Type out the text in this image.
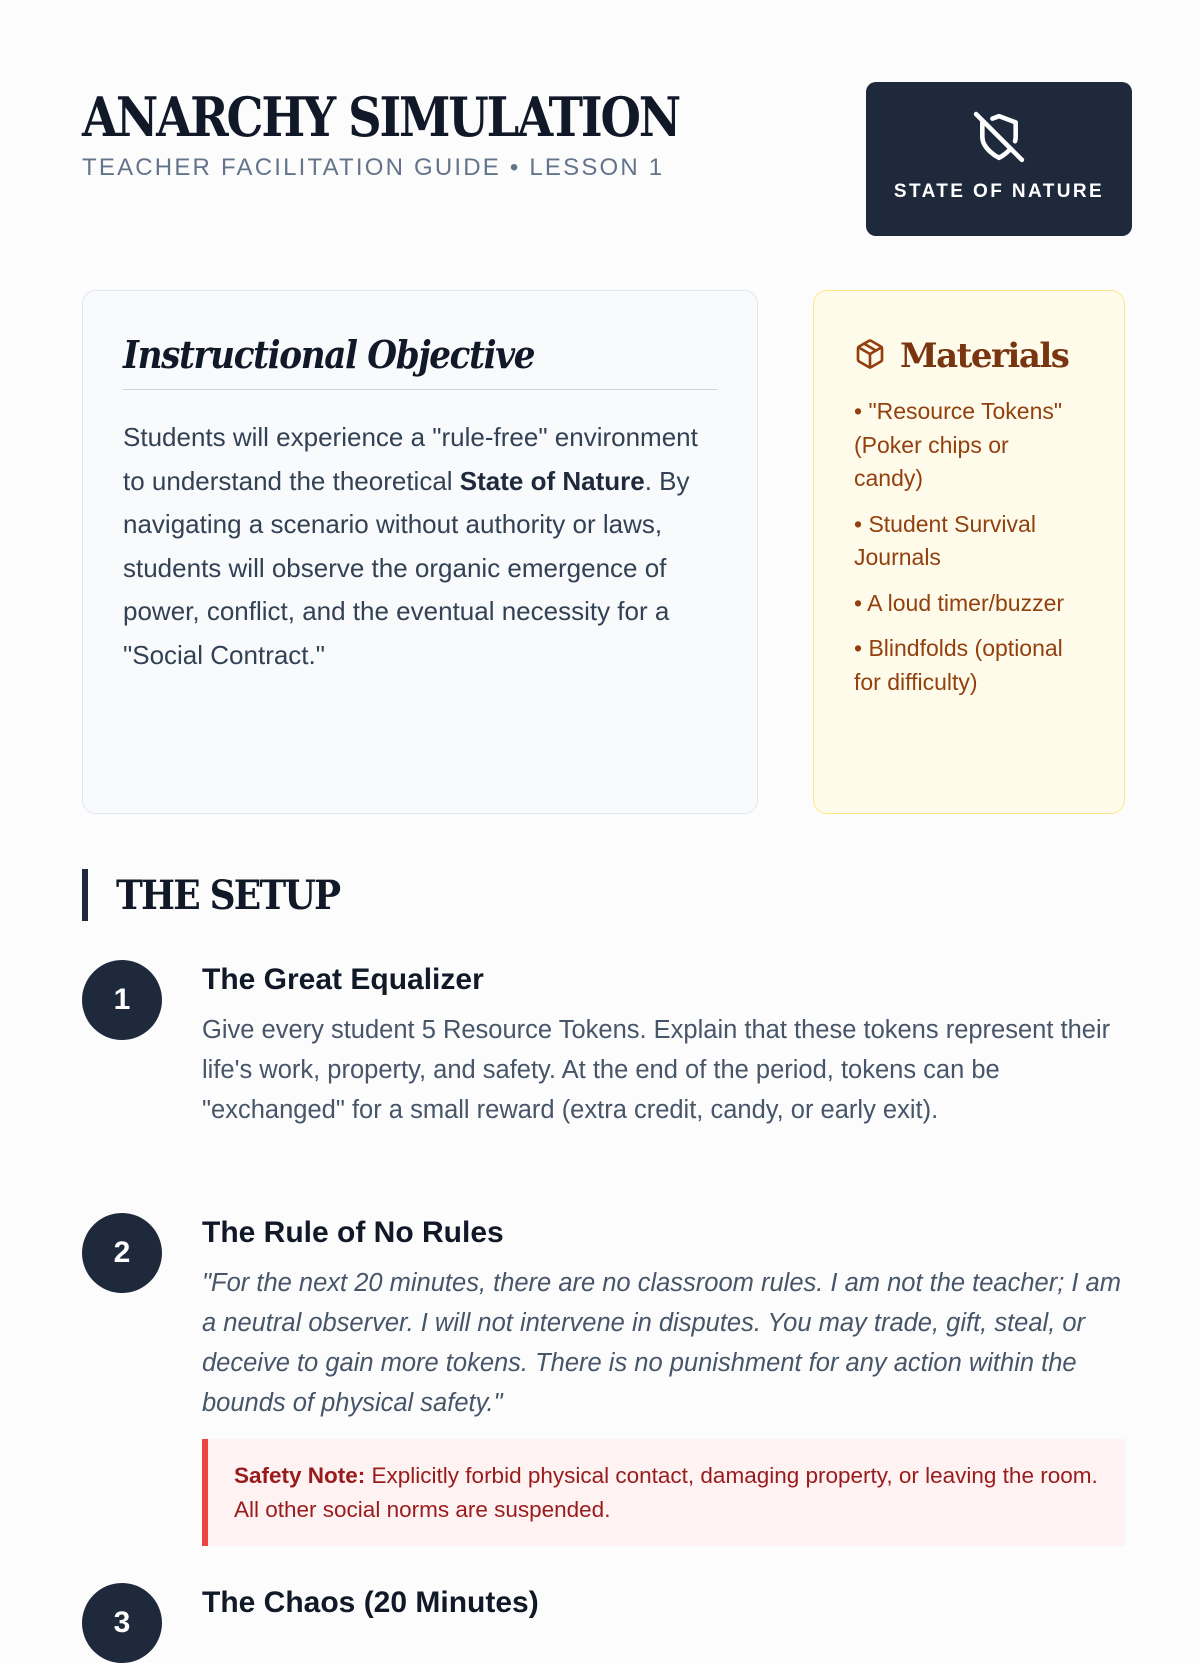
ANARCHY SIMULATION
TEACHER FACILITATION GUIDE • LESSON 1
STATE OF NATURE
Instructional Objective

Students will experience a "rule-free" environment to understand the theoretical State of Nature. By navigating a scenario without authority or laws, students will observe the organic emergence of power, conflict, and the eventual necessity for a "Social Contract."

Materials
• "Resource Tokens" (Poker chips or candy)
• Student Survival Journals
• A loud timer/buzzer
• Blindfolds (optional for difficulty)
THE SETUP
1
The Great Equalizer

Give every student 5 Resource Tokens. Explain that these tokens represent their life's work, property, and safety. At the end of the period, tokens can be "exchanged" for a small reward (extra credit, candy, or early exit).

2
The Rule of No Rules

"For the next 20 minutes, there are no classroom rules. I am not the teacher; I am a neutral observer. I will not intervene in disputes. You may trade, gift, steal, or deceive to gain more tokens. There is no punishment for any action within the bounds of physical safety."

Safety Note: Explicitly forbid physical contact, damaging property, or leaving the room. All other social norms are suspended.
3
The Chaos (20 Minutes)
